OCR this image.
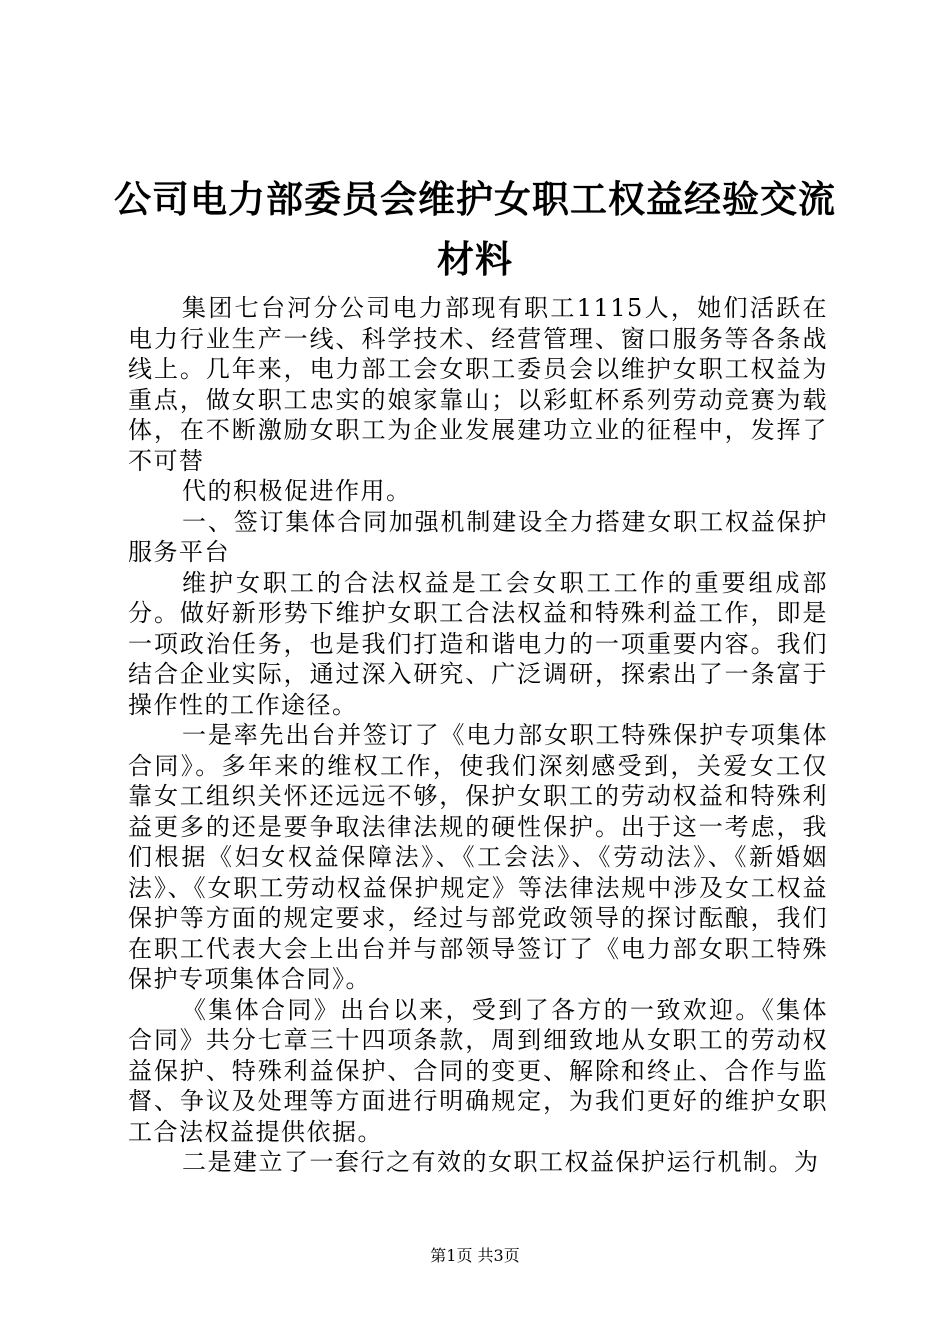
公司电力部委员会维护女职工权益经验交流材料

集团七台河分公司电力部现有职工1115人，她们活跃在电力行业生产一线、科学技术、经营管理、窗口服务等各条战线上。几年来，电力部工会女职工委员会以维护女职工权益为重点，做女职工忠实的娘家靠山；以彩虹杯系列劳动竞赛为载体，在不断激励女职工为企业发展建功立业的征程中，发挥了不可替

代的积极促进作用。

一、签订集体合同加强机制建设全力搭建女职工权益保护服务平台

维护女职工的合法权益是工会女职工工作的重要组成部分。做好新形势下维护女职工合法权益和特殊利益工作，即是一项政治任务，也是我们打造和谐电力的一项重要内容。我们结合企业实际，通过深入研究、广泛调研，探索出了一条富于操作性的工作途径。

一是率先出台并签订了《电力部女职工特殊保护专项集体合同》。多年来的维权工作，使我们深刻感受到，关爱女工仅靠女工组织关怀还远远不够，保护女职工的劳动权益和特殊利益更多的还是要争取法律法规的硬性保护。出于这一考虑，我们根据《妇女权益保障法》、《工会法》、《劳动法》、《新婚姻法》、《女职工劳动权益保护规定》等法律法规中涉及女工权益保护等方面的规定要求，经过与部党政领导的探讨酝酿，我们在职工代表大会上出台并与部领导签订了《电力部女职工特殊保护专项集体合同》。

《集体合同》出台以来，受到了各方的一致欢迎。《集体合同》共分七章三十四项条款，周到细致地从女职工的劳动权益保护、特殊利益保护、合同的变更、解除和终止、合作与监督、争议及处理等方面进行明确规定，为我们更好的维护女职工合法权益提供依据。

二是建立了一套行之有效的女职工权益保护运行机制。为

第1页 共3页
